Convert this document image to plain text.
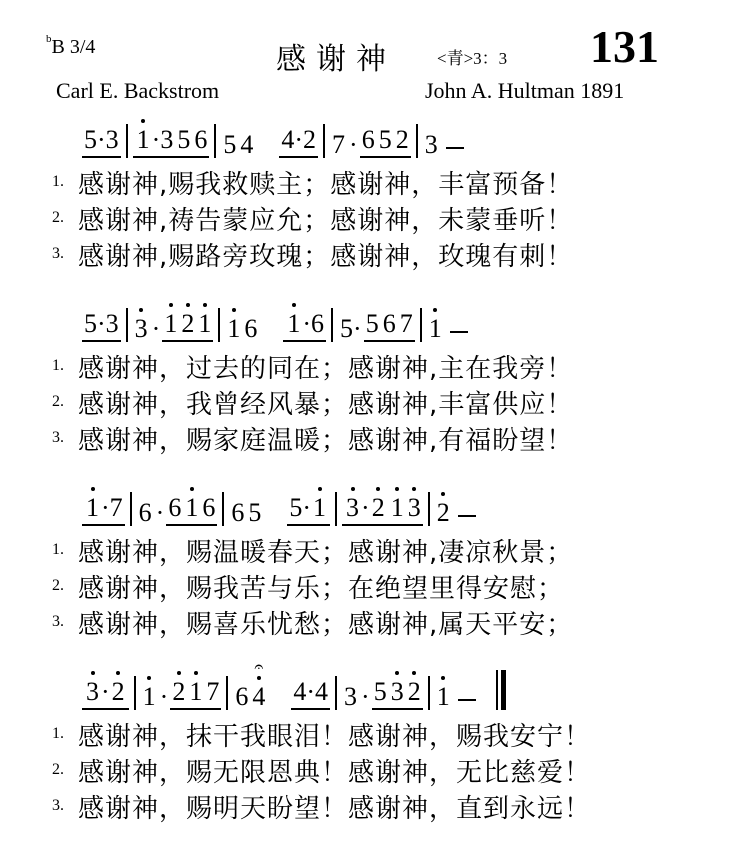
$^b$B 3/4	感谢神 <青>3：3 131
Carl E. Backstrom	John A. Hultman 1891
5·3 1·3 5 6 5 4 4·2 7 · 6 5 2 3
1. 感谢神,赐我救赎主；感谢神，丰富预备！
2. 感谢神,祷告蒙应允；感谢神，未蒙垂听！
3. 感谢神,赐路旁玫瑰；感谢神，玫瑰有刺！
5·3 3 · 1 2 1 1 6 1·6 5· 5 6 7 1
1. 感谢神，过去的同在；感谢神,主在我旁！
2. 感谢神，我曾经风暴；感谢神,丰富供应！
3. 感谢神，赐家庭温暖；感谢神,有福盼望！
1·7 6 · 6 1 6 6 5 5·1 3·2 1 3 2
1. 感谢神，赐温暖春天；感谢神,凄凉秋景；
2. 感谢神，赐我苦与乐；在绝望里得安慰；
3. 感谢神，赐喜乐忧愁；感谢神,属天平安；
3·2 1 · 2 1 7 6 4
𝄐
4·4 3 · 5 3 2 1
1. 感谢神，抹干我眼泪！感谢神，赐我安宁！
2. 感谢神，赐无限恩典！感谢神，无比慈爱！
3. 感谢神，赐明天盼望！感谢神，直到永远！
